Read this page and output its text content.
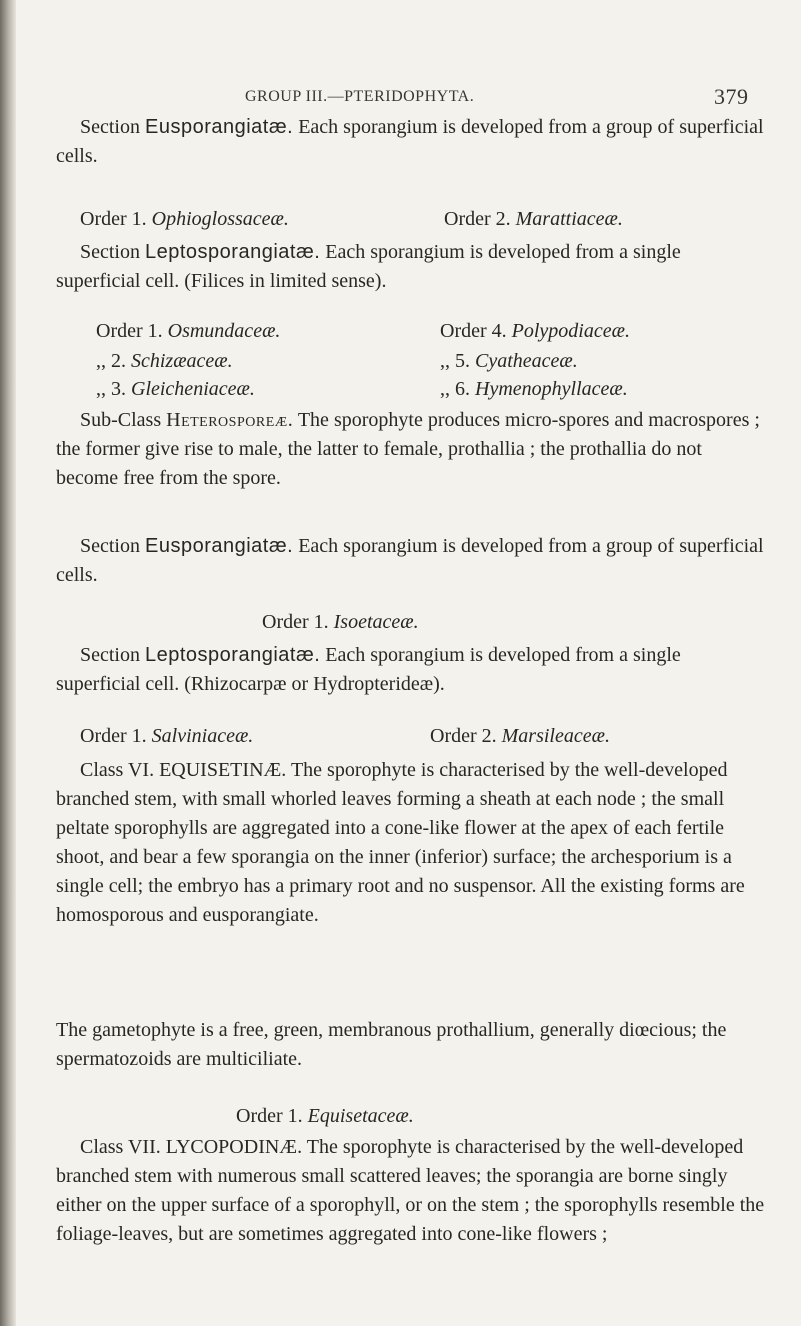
GROUP III.—PTERIDOPHYTA.	379

Section Eusporangiatæ. Each sporangium is developed from a group of superficial cells.

Order 1. Ophioglossaceæ.	Order 2. Marattiaceæ.

Section Leptosporangiatæ. Each sporangium is developed from a single superficial cell. (Filices in limited sense).

Order 1. Osmundaceæ.	Order 4. Polypodiaceæ.
,, 2. Schizæaceæ.	,, 5. Cyatheaceæ.
,, 3. Gleicheniaceæ.	,, 6. Hymenophyllaceæ.

Sub-Class Heterosporeæ. The sporophyte produces micro-spores and macrospores ; the former give rise to male, the latter to female, prothallia ; the prothallia do not become free from the spore.

Section Eusporangiatæ. Each sporangium is developed from a group of superficial cells.

Order 1. Isoetaceæ.

Section Leptosporangiatæ. Each sporangium is developed from a single superficial cell. (Rhizocarpæ or Hydropterideæ).

Order 1. Salviniaceæ.	Order 2. Marsileaceæ.

Class VI. EQUISETINÆ. The sporophyte is characterised by the well-developed branched stem, with small whorled leaves forming a sheath at each node ; the small peltate sporophylls are aggregated into a cone-like flower at the apex of each fertile shoot, and bear a few sporangia on the inner (inferior) surface; the archesporium is a single cell; the embryo has a primary root and no suspensor. All the existing forms are homosporous and eusporangiate.

The gametophyte is a free, green, membranous prothallium, generally diœcious; the spermatozoids are multiciliate.

Order 1. Equisetaceæ.

Class VII. LYCOPODINÆ. The sporophyte is characterised by the well-developed branched stem with numerous small scattered leaves; the sporangia are borne singly either on the upper surface of a sporophyll, or on the stem ; the sporophylls resemble the foliage-leaves, but are sometimes aggregated into cone-like flowers ;
